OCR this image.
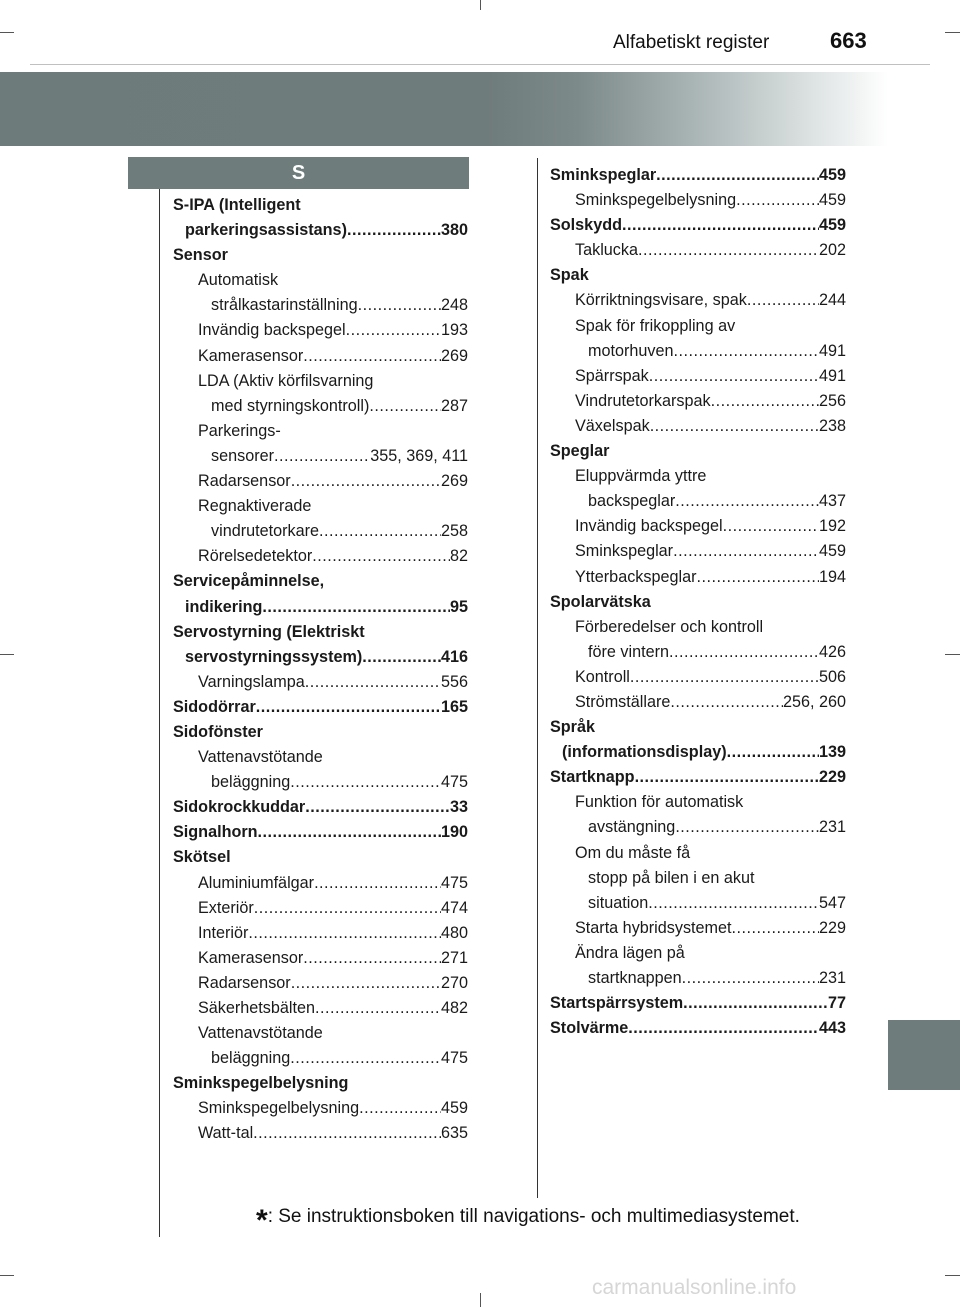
Alfabetiskt register	663
S
S-IPA (Intelligent
parkeringsassistans) .....	380
Sensor
Automatisk
strålkastarinställning .....	248
Invändig backspegel .....	193
Kamerasensor .....	269
LDA (Aktiv körfilsvarning
med styrningskontroll) .....	287
Parkerings-
sensorer .....	355, 369, 411
Radarsensor .....	269
Regnaktiverade
vindrutetorkare .....	258
Rörelsedetektor .....	82
Servicepåminnelse,
indikering .....	95
Servostyrning (Elektriskt
servostyrningssystem) .....	416
Varningslampa .....	556
Sidodörrar .....	165
Sidofönster
Vattenavstötande
beläggning .....	475
Sidokrockkuddar .....	33
Signalhorn .....	190
Skötsel
Aluminiumfälgar .....	475
Exteriör .....	474
Interiör .....	480
Kamerasensor .....	271
Radarsensor .....	270
Säkerhetsbälten .....	482
Vattenavstötande
beläggning .....	475
Sminkspegelbelysning
Sminkspegelbelysning .....	459
Watt-tal .....	635
Sminkspeglar .....	459
Sminkspegelbelysning .....	459
Solskydd .....	459
Taklucka .....	202
Spak
Körriktningsvisare, spak .....	244
Spak för frikoppling av
motorhuven .....	491
Spärrspak .....	491
Vindrutetorkarspak .....	256
Växelspak .....	238
Speglar
Eluppvärmda yttre
backspeglar .....	437
Invändig backspegel .....	192
Sminkspeglar .....	459
Ytterbackspeglar .....	194
Spolarvätska
Förberedelser och kontroll
före vintern .....	426
Kontroll .....	506
Strömställare .....	256, 260
Språk
(informationsdisplay) .....	139
Startknapp .....	229
Funktion för automatisk
avstängning .....	231
Om du måste få
stopp på bilen i en akut
situation .....	547
Starta hybridsystemet .....	229
Ändra lägen på
startknappen .....	231
Startspärrsystem .....	77
Stolvärme .....	443
*: Se instruktionsboken till navigations- och multimediasystemet.
carmanualsonline.info
